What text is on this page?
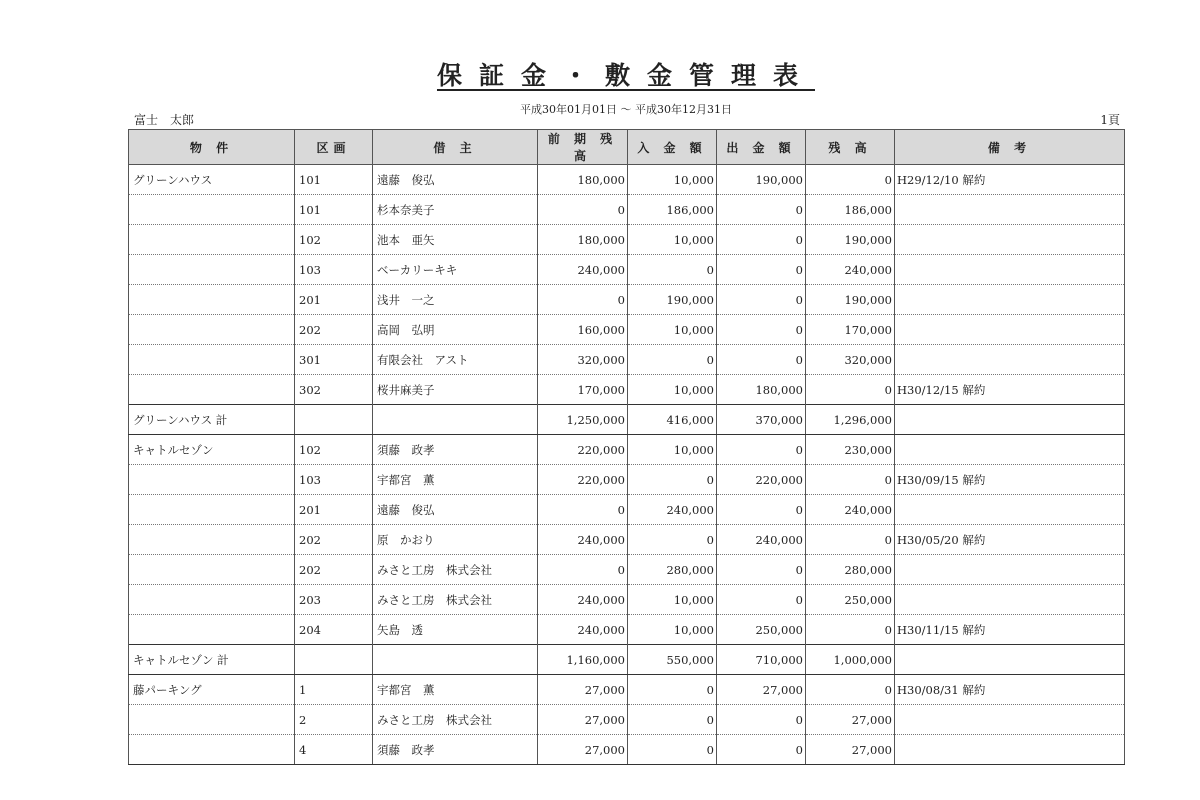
保証金・敷金管理表
平成30年01月01日 〜 平成30年12月31日
富士　太郎	1頁
物 件	区画	借 主	前 期 残 高	入 金 額	出 金 額	残 高	備 考
グリーンハウス	101	遠藤　俊弘	180,000	10,000	190,000	0	H29/12/10 解約
	101	杉本奈美子	0	186,000	0	186,000	
	102	池本　亜矢	180,000	10,000	0	190,000	
	103	ベーカリーキキ	240,000	0	0	240,000	
	201	浅井　一之	0	190,000	0	190,000	
	202	高岡　弘明	160,000	10,000	0	170,000	
	301	有限会社　アスト	320,000	0	0	320,000	
	302	桜井麻美子	170,000	10,000	180,000	0	H30/12/15 解約
グリーンハウス 計			1,250,000	416,000	370,000	1,296,000	
キャトルセゾン	102	須藤　政孝	220,000	10,000	0	230,000	
	103	宇都宮　薫	220,000	0	220,000	0	H30/09/15 解約
	201	遠藤　俊弘	0	240,000	0	240,000	
	202	原　かおり	240,000	0	240,000	0	H30/05/20 解約
	202	みさと工房　株式会社	0	280,000	0	280,000	
	203	みさと工房　株式会社	240,000	10,000	0	250,000	
	204	矢島　透	240,000	10,000	250,000	0	H30/11/15 解約
キャトルセゾン 計			1,160,000	550,000	710,000	1,000,000	
藤パーキング	1	宇都宮　薫	27,000	0	27,000	0	H30/08/31 解約
	2	みさと工房　株式会社	27,000	0	0	27,000	
	4	須藤　政孝	27,000	0	0	27,000	
